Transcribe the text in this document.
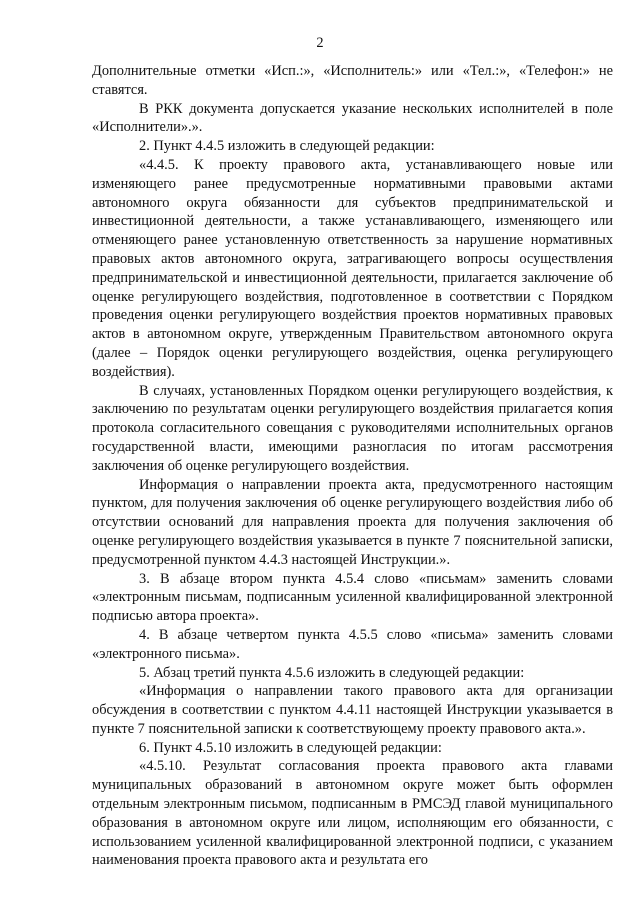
2

Дополнительные отметки «Исп.:», «Исполнитель:» или «Тел.:», «Телефон:» не ставятся.

В РКК документа допускается указание нескольких исполнителей в поле «Исполнители».».

2. Пункт 4.4.5 изложить в следующей редакции:

«4.4.5. К проекту правового акта, устанавливающего новые или изменяющего ранее предусмотренные нормативными правовыми актами автономного округа обязанности для субъектов предпринимательской и инвестиционной деятельности, а также устанавливающего, изменяющего или отменяющего ранее установленную ответственность за нарушение нормативных правовых актов автономного округа, затрагивающего вопросы осуществления предпринимательской и инвестиционной деятельности, прилагается заключение об оценке регулирующего воздействия, подготовленное в соответствии с Порядком проведения оценки регулирующего воздействия проектов нормативных правовых актов в автономном округе, утвержденным Правительством автономного округа (далее – Порядок оценки регулирующего воздействия, оценка регулирующего воздействия).

В случаях, установленных Порядком оценки регулирующего воздействия, к заключению по результатам оценки регулирующего воздействия прилагается копия протокола согласительного совещания с руководителями исполнительных органов государственной власти, имеющими разногласия по итогам рассмотрения заключения об оценке регулирующего воздействия.

Информация о направлении проекта акта, предусмотренного настоящим пунктом, для получения заключения об оценке регулирующего воздействия либо об отсутствии оснований для направления проекта для получения заключения об оценке регулирующего воздействия указывается в пункте 7 пояснительной записки, предусмотренной пунктом 4.4.3 настоящей Инструкции.».

3. В абзаце втором пункта 4.5.4 слово «письмам» заменить словами «электронным письмам, подписанным усиленной квалифицированной электронной подписью автора проекта».

4. В абзаце четвертом пункта 4.5.5 слово «письма» заменить словами «электронного письма».

5. Абзац третий пункта 4.5.6 изложить в следующей редакции:

«Информация о направлении такого правового акта для организации обсуждения в соответствии с пунктом 4.4.11 настоящей Инструкции указывается в пункте 7 пояснительной записки к соответствующему проекту правового акта.».

6. Пункт 4.5.10 изложить в следующей редакции:

«4.5.10. Результат согласования проекта правового акта главами муниципальных образований в автономном округе может быть оформлен отдельным электронным письмом, подписанным в РМСЭД главой муниципального образования в автономном округе или лицом, исполняющим его обязанности, с использованием усиленной квалифицированной электронной подписи, с указанием наименования проекта правового акта и результата его
